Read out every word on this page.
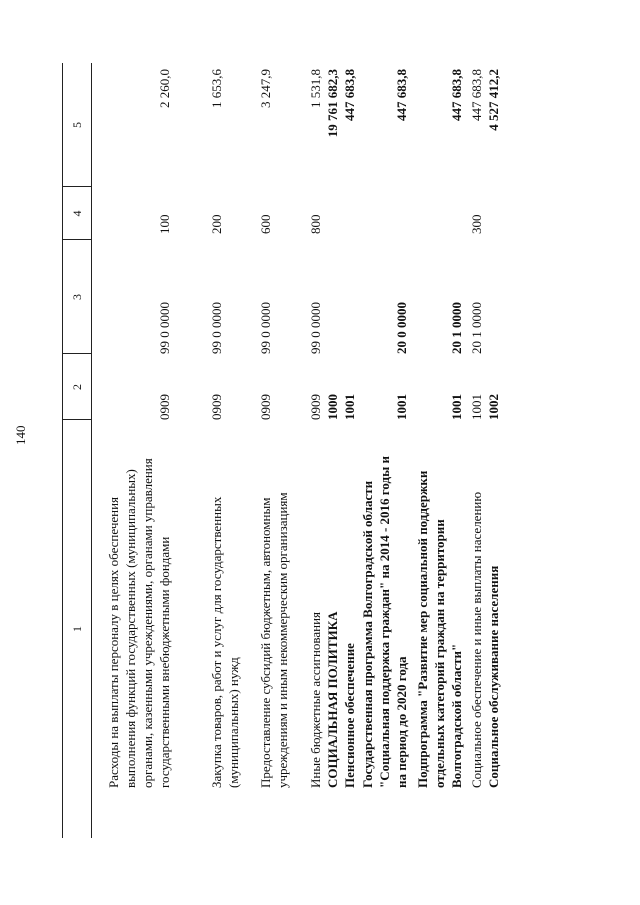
140
1
2
3
4
5
Расходы на выплаты персоналу в целях обеспечения выполнения функций государственных (муниципальных) органами, казенными учреждениями, органами управления государственными внебюджетными фондами
0909
99 0 0000
100
2 260,0
Закупка товаров, работ и услуг для государственных (муниципальных) нужд
0909
99 0 0000
200
1 653,6
Предоставление субсидий бюджетным, автономным учреждениям и иным некоммерческим организациям
0909
99 0 0000
600
3 247,9
Иные бюджетные ассигнования
0909
99 0 0000
800
1 531,8
СОЦИАЛЬНАЯ ПОЛИТИКА
1000
19 761 682,3
Пенсионное обеспечение
1001
447 683,8
Государственная программа Волгоградской области "Социальная поддержка граждан" на 2014 - 2016 годы и на период до 2020 года
1001
20 0 0000
447 683,8
Подпрограмма "Развитие мер социальной поддержки отдельных категорий граждан на территории Волгоградской области"
1001
20 1 0000
447 683,8
Социальное обеспечение и иные выплаты населению
1001
20 1 0000
300
447 683,8
Социальное обслуживание населения
1002
4 527 412,2
